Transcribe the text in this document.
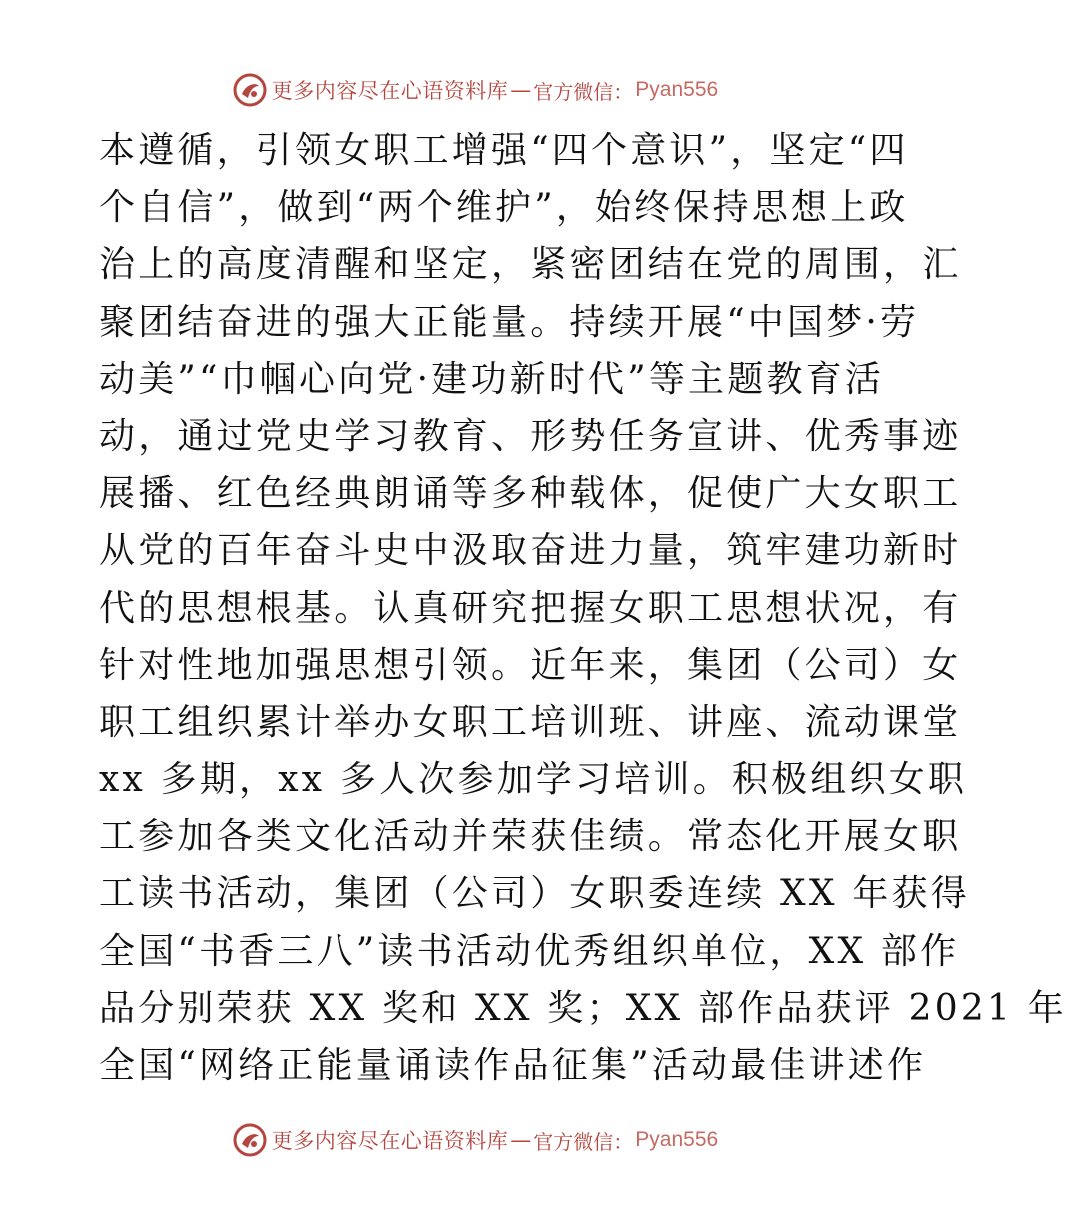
更多内容尽在心语资料库 — 官方微信： Pyan556
本遵循，引领女职工增强“四个意识”，坚定“四
个自信”，做到“两个维护”，始终保持思想上政
治上的高度清醒和坚定，紧密团结在党的周围，汇
聚团结奋进的强大正能量。持续开展“中国梦·劳
动美”“巾帼心向党·建功新时代”等主题教育活
动，通过党史学习教育、形势任务宣讲、优秀事迹
展播、红色经典朗诵等多种载体，促使广大女职工
从党的百年奋斗史中汲取奋进力量，筑牢建功新时
代的思想根基。认真研究把握女职工思想状况，有
针对性地加强思想引领。近年来，集团（公司）女
职工组织累计举办女职工培训班、讲座、流动课堂
xx 多期，xx 多人次参加学习培训。积极组织女职
工参加各类文化活动并荣获佳绩。常态化开展女职
工读书活动，集团（公司）女职委连续 XX 年获得
全国“书香三八”读书活动优秀组织单位，XX 部作
品分别荣获 XX 奖和 XX 奖；XX 部作品获评 2021 年
全国“网络正能量诵读作品征集”活动最佳讲述作
更多内容尽在心语资料库 — 官方微信： Pyan556
